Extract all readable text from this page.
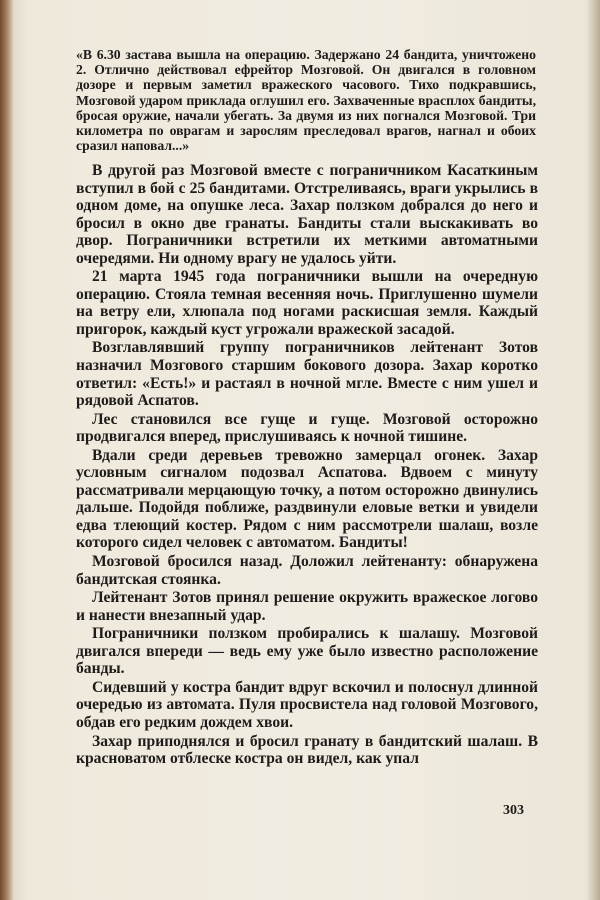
«В 6.30 застава вышла на операцию. Задержано 24 бандита, уничтожено 2. Отлично действовал ефрейтор Мозговой. Он двигался в головном дозоре и первым заметил вражеского часового. Тихо подкравшись, Мозговой ударом приклада оглушил его. Захваченные врасплох бандиты, бросая оружие, начали убегать. За двумя из них погнался Мозговой. Три километра по оврагам и зарослям преследовал врагов, нагнал и обоих сразил наповал...»

В другой раз Мозговой вместе с пограничником Касаткиным вступил в бой с 25 бандитами. Отстреливаясь, враги укрылись в одном доме, на опушке леса. Захар ползком добрался до него и бросил в окно две гранаты. Бандиты стали выскакивать во двор. Пограничники встретили их меткими автоматными очередями. Ни одному врагу не удалось уйти.

21 марта 1945 года пограничники вышли на очередную операцию. Стояла темная весенняя ночь. Приглушенно шумели на ветру ели, хлюпала под ногами раскисшая земля. Каждый пригорок, каждый куст угрожали вражеской засадой.

Возглавлявший группу пограничников лейтенант Зотов назначил Мозгового старшим бокового дозора. Захар коротко ответил: «Есть!» и растаял в ночной мгле. Вместе с ним ушел и рядовой Аспатов.

Лес становился все гуще и гуще. Мозговой осторожно продвигался вперед, прислушиваясь к ночной тишине.

Вдали среди деревьев тревожно замерцал огонек. Захар условным сигналом подозвал Аспатова. Вдвоем с минуту рассматривали мерцающую точку, а потом осторожно двинулись дальше. Подойдя поближе, раздвинули еловые ветки и увидели едва тлеющий костер. Рядом с ним рассмотрели шалаш, возле которого сидел человек с автоматом. Бандиты!

Мозговой бросился назад. Доложил лейтенанту: обнаружена бандитская стоянка.

Лейтенант Зотов принял решение окружить вражеское логово и нанести внезапный удар.

Пограничники ползком пробирались к шалашу. Мозговой двигался впереди — ведь ему уже было известно расположение банды.

Сидевший у костра бандит вдруг вскочил и полоснул длинной очередью из автомата. Пуля просвистела над головой Мозгового, обдав его редким дождем хвои.

Захар приподнялся и бросил гранату в бандитский шалаш. В красноватом отблеске костра он видел, как упал

303
